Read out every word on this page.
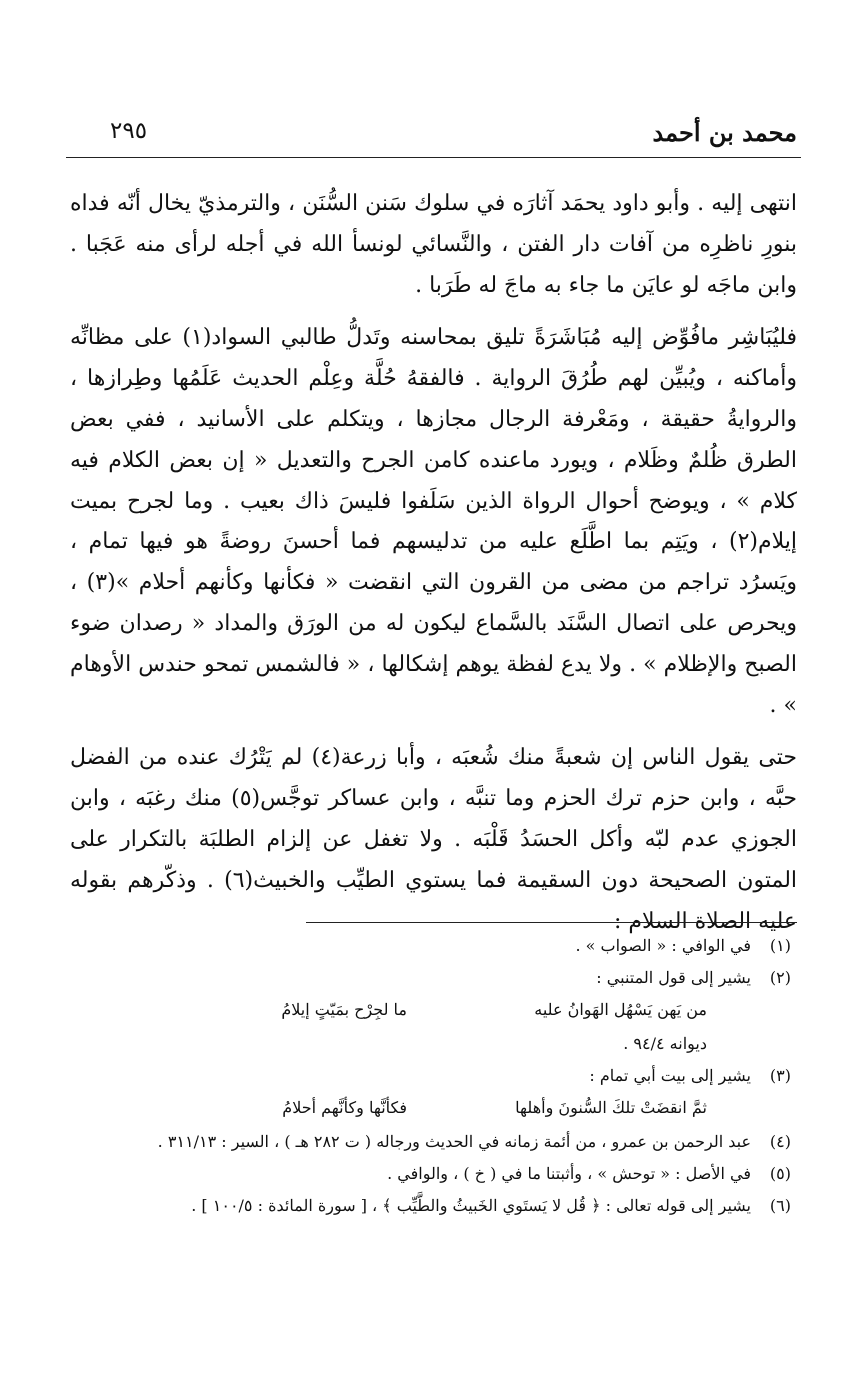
محمد بن أحمد
٢٩٥

انتهى إليه . وأبو داود يحمَد آثارَه في سلوك سَنن السُّنَن ، والترمذيّ يخال أنّه فداه بنورِ ناظرِه من آفات دار الفتن ، والنَّسائي لونسأ الله في أجله لرأى منه عَجَبا . وابن ماجَه لو عايَن ما جاء به ماجَ له طَرَبا .

فليُبَاشِر مافُوِّض إليه مُبَاشَرَةً تليق بمحاسنه وتَدلُّ طالبي السواد(١) على مظانِّه وأماكنه ، ويُبيِّن لهم طُرُقَ الرواية . فالفقهُ حُلَّة وعِلْم الحديث عَلَمُها وطِرازها ، والروايةُ حقيقة ، ومَعْرفة الرجال مجازها ، ويتكلم على الأسانيد ، ففي بعض الطرق ظُلمٌ وظَلام ، ويورد ماعنده كامن الجرح والتعديل « إن بعض الكلام فيه كلام » ، ويوضح أحوال الرواة الذين سَلَفوا فليسَ ذاك بعيب . وما لجرح بميت إيلام(٢) ، ويَتِم بما اطَّلَع عليه من تدليسهم فما أحسنَ روضةً هو فيها تمام ، ويَسرُد تراجم من مضى من القرون التي انقضت « فكأنها وكأنهم أحلام »(٣) ، ويحرص على اتصال السَّنَد بالسَّماع ليكون له من الورَق والمداد « رصدان ضوء الصبح والإظلام » . ولا يدع لفظة يوهم إشكالها ، « فالشمس تمحو حندس الأوهام » .

حتى يقول الناس إن شعبةً منك شُعبَه ، وأبا زرعة(٤) لم يَتْرُك عنده من الفضل حبَّه ، وابن حزم ترك الحزم وما تنبَّه ، وابن عساكر توجَّس(٥) منك رغبَه ، وابن الجوزي عدم لبّه وأكل الحسَدُ قَلْبَه . ولا تغفل عن إلزام الطلبَة بالتكرار على المتون الصحيحة دون السقيمة فما يستوي الطيِّب والخبيث(٦) . وذكّرهم بقوله عليه الصلاة السلام :

(١)
في الوافي : « الصواب » .
(٢)
يشير إلى قول المتنبي :
من يَهن يَسْهُل الهَوانُ عليه
ما لجِرْح بمَيّتٍ إيلامُ
ديوانه ٩٤/٤ .
(٣)
يشير إلى بيت أبي تمام :
ثمَّ انقضَتْ تلكَ السُّنونَ وأهلها
فكأنَّها وكأنَّهم أحلامُ
(٤)
عبد الرحمن بن عمرو ، من أئمة زمانه في الحديث ورجاله ( ت ٢٨٢ هـ ) ، السير : ٣١١/١٣ .
(٥)
في الأصل : « توحش » ، وأثبتنا ما في ( خ ) ، والوافي .
(٦)
يشير إلى قوله تعالى : ﴿ قُل لا يَستَوي الخَبيثُ والطَّيِّب ﴾ ، [ سورة المائدة : ١٠٠/٥ ] .
